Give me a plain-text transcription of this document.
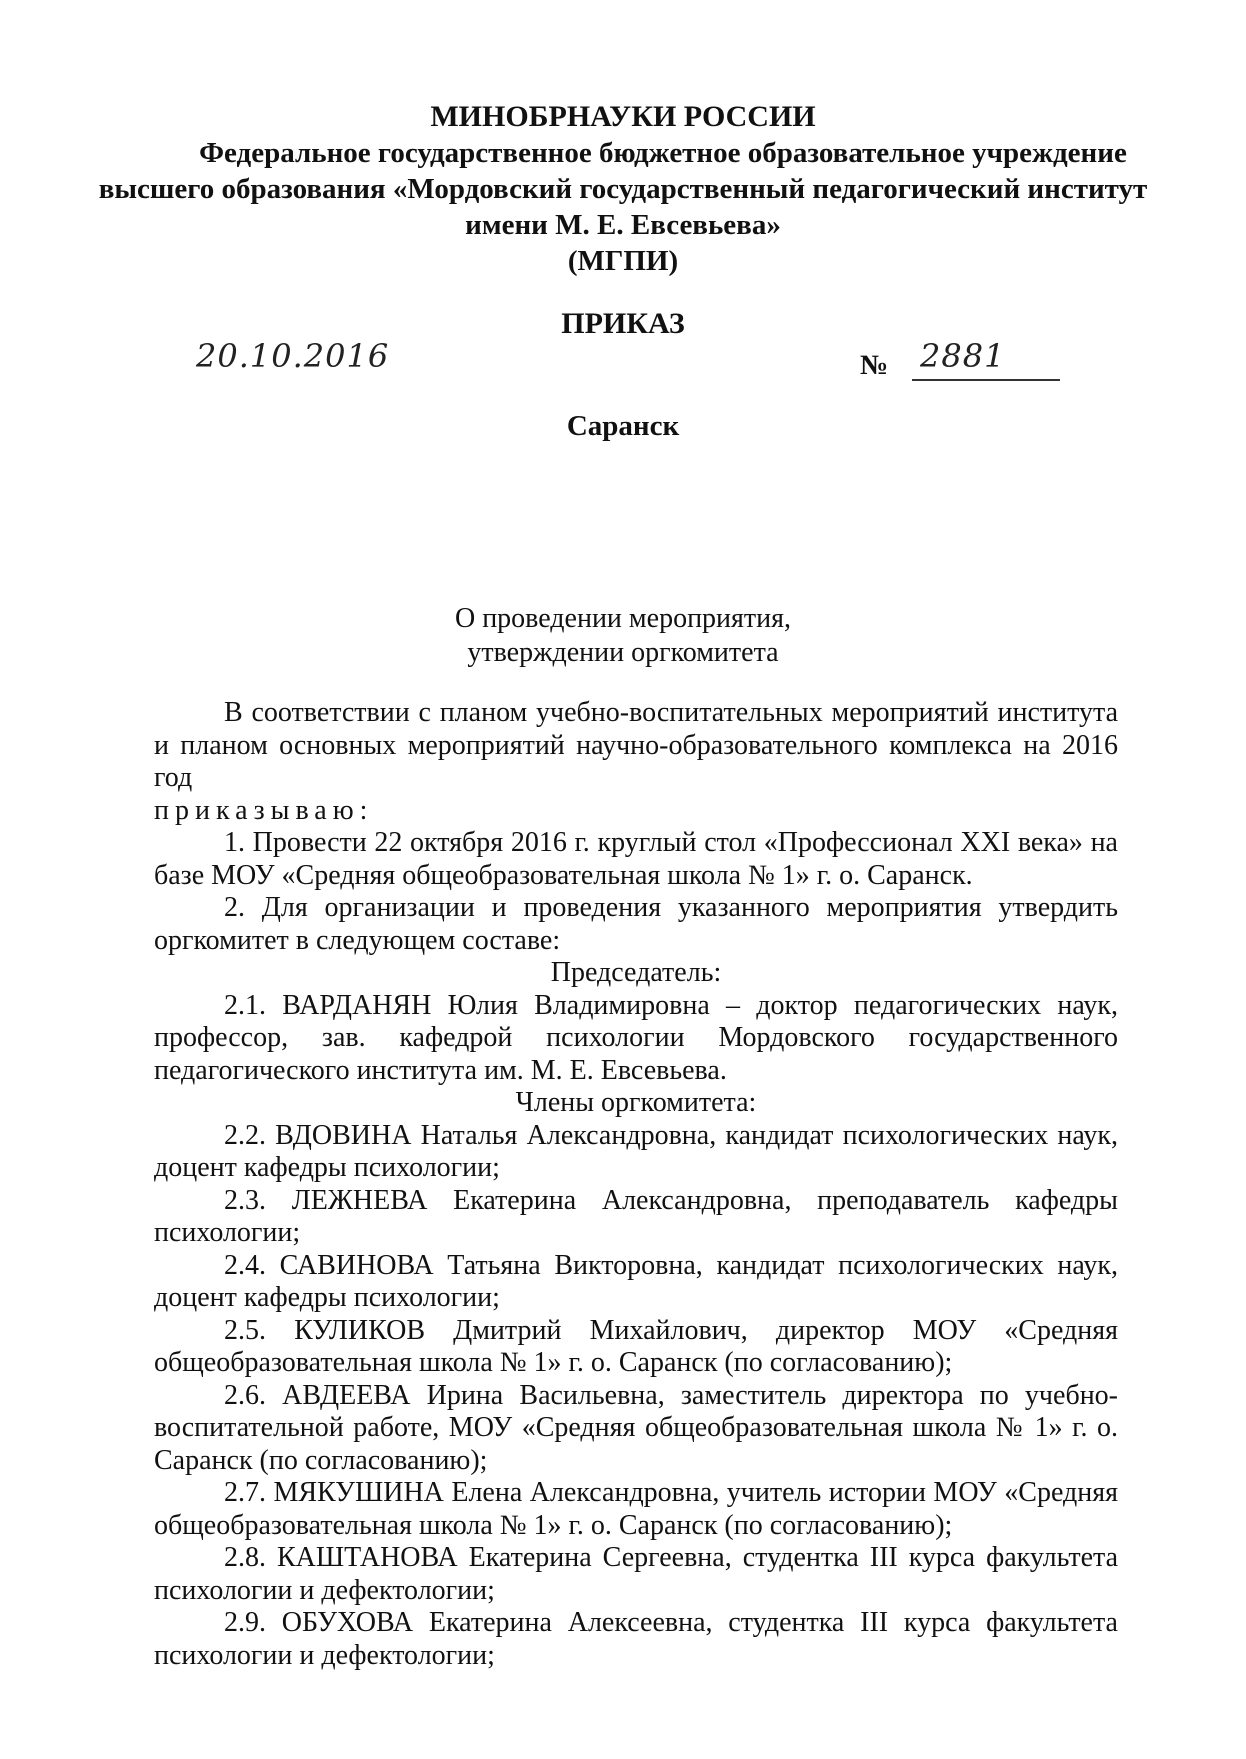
МИНОБРНАУКИ РОССИИ
Федеральное государственное бюджетное образовательное учреждение
высшего образования «Мордовский государственный педагогический институт
имени М. Е. Евсевьева»
(МГПИ)
ПРИКАЗ
20.10.2016	№ 2881
Саранск
О проведении мероприятия,
утверждении оргкомитета
В соответствии с планом учебно-воспитательных мероприятий института и планом основных мероприятий научно-образовательного комплекса на 2016 год
приказываю:
1. Провести 22 октября 2016 г. круглый стол «Профессионал XXI века» на базе МОУ «Средняя общеобразовательная школа № 1» г. о. Саранск.
2. Для организации и проведения указанного мероприятия утвердить оргкомитет в следующем составе:
Председатель:
2.1. ВАРДАНЯН Юлия Владимировна – доктор педагогических наук, профессор, зав. кафедрой психологии Мордовского государственного педагогического института им. М. Е. Евсевьева.
Члены оргкомитета:
2.2. ВДОВИНА Наталья Александровна, кандидат психологических наук, доцент кафедры психологии;
2.3. ЛЕЖНЕВА Екатерина Александровна, преподаватель кафедры психологии;
2.4. САВИНОВА Татьяна Викторовна, кандидат психологических наук, доцент кафедры психологии;
2.5. КУЛИКОВ Дмитрий Михайлович, директор МОУ «Средняя общеобразовательная школа № 1» г. о. Саранск (по согласованию);
2.6. АВДЕЕВА Ирина Васильевна, заместитель директора по учебно-воспитательной работе, МОУ «Средняя общеобразовательная школа № 1» г. о. Саранск (по согласованию);
2.7. МЯКУШИНА Елена Александровна, учитель истории МОУ «Средняя общеобразовательная школа № 1» г. о. Саранск (по согласованию);
2.8. КАШТАНОВА Екатерина Сергеевна, студентка III курса факультета психологии и дефектологии;
2.9. ОБУХОВА Екатерина Алексеевна, студентка III курса факультета психологии и дефектологии;
